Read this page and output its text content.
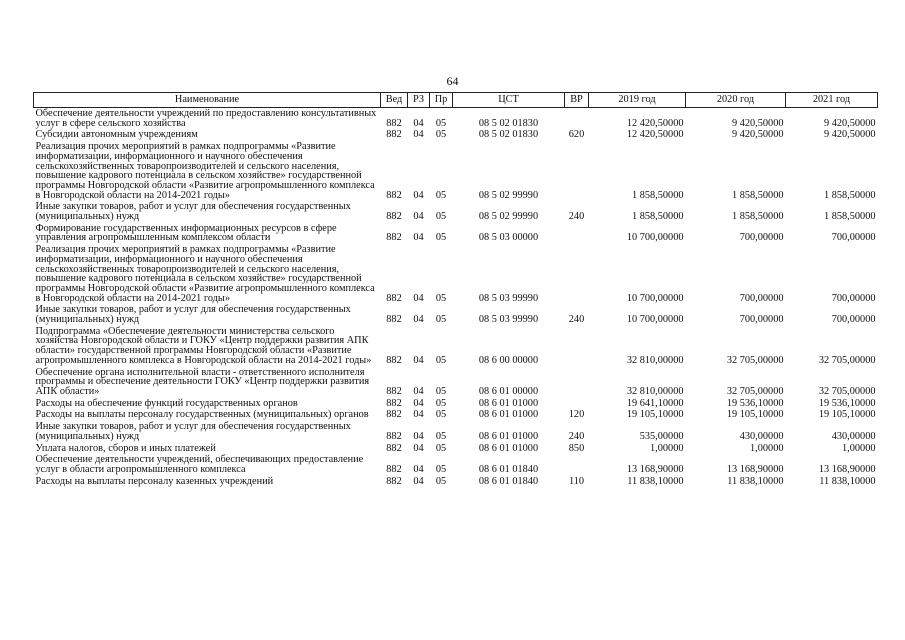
64
Наименование	Вед	РЗ	Пр	ЦСТ	ВР	2019 год	2020 год	2021 год
Обеспечение деятельности учреждений по предоставлению консультативных услуг в сфере сельского хозяйства	882	04	05	08 5 02 01830		12 420,50000	9 420,50000	9 420,50000
Субсидии автономным учреждениям	882	04	05	08 5 02 01830	620	12 420,50000	9 420,50000	9 420,50000
Реализация прочих мероприятий в рамках подпрограммы «Развитие информатизации, информационного и научного обеспечения сельскохозяйственных товаропроизводителей и сельского населения, повышение кадрового потенциала в сельском хозяйстве» государственной программы Новгородской области «Развитие агропромышленного комплекса в Новгородской области на 2014-2021 годы»	882	04	05	08 5 02 99990		1 858,50000	1 858,50000	1 858,50000
Иные закупки товаров, работ и услуг для обеспечения государственных (муниципальных) нужд	882	04	05	08 5 02 99990	240	1 858,50000	1 858,50000	1 858,50000
Формирование государственных информационных ресурсов в сфере управления агропромышленным комплексом области	882	04	05	08 5 03 00000		10 700,00000	700,00000	700,00000
Реализация прочих мероприятий в рамках подпрограммы «Развитие информатизации, информационного и научного обеспечения сельскохозяйственных товаропроизводителей и сельского населения, повышение кадрового потенциала в сельском хозяйстве» государственной программы Новгородской области «Развитие агропромышленного комплекса в Новгородской области на 2014-2021 годы»	882	04	05	08 5 03 99990		10 700,00000	700,00000	700,00000
Иные закупки товаров, работ и услуг для обеспечения государственных (муниципальных) нужд	882	04	05	08 5 03 99990	240	10 700,00000	700,00000	700,00000
Подпрограмма «Обеспечение деятельности министерства сельского хозяйства Новгородской области и ГОКУ «Центр поддержки развития АПК области» государственной программы Новгородской области «Развитие агропромышленного комплекса в Новгородской области на 2014-2021 годы»	882	04	05	08 6 00 00000		32 810,00000	32 705,00000	32 705,00000
Обеспечение органа исполнительной власти - ответственного исполнителя программы и обеспечение деятельности ГОКУ «Центр поддержки развития АПК области»	882	04	05	08 6 01 00000		32 810,00000	32 705,00000	32 705,00000
Расходы на обеспечение функций государственных органов	882	04	05	08 6 01 01000		19 641,10000	19 536,10000	19 536,10000
Расходы на выплаты персоналу государственных (муниципальных) органов	882	04	05	08 6 01 01000	120	19 105,10000	19 105,10000	19 105,10000
Иные закупки товаров, работ и услуг для обеспечения государственных (муниципальных) нужд	882	04	05	08 6 01 01000	240	535,00000	430,00000	430,00000
Уплата налогов, сборов и иных платежей	882	04	05	08 6 01 01000	850	1,00000	1,00000	1,00000
Обеспечение деятельности учреждений, обеспечивающих предоставление услуг в области агропромышленного комплекса	882	04	05	08 6 01 01840		13 168,90000	13 168,90000	13 168,90000
Расходы на выплаты персоналу казенных учреждений	882	04	05	08 6 01 01840	110	11 838,10000	11 838,10000	11 838,10000
